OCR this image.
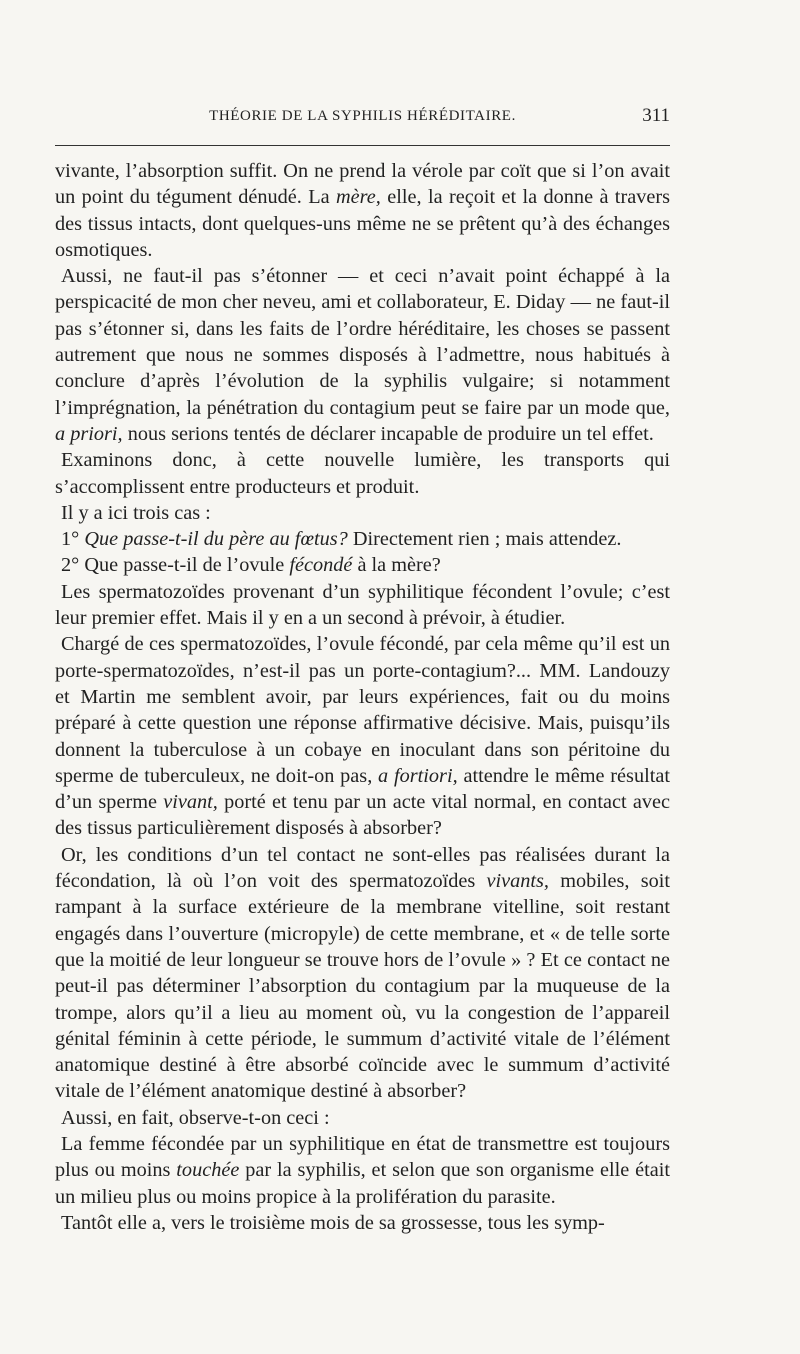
THÉORIE DE LA SYPHILIS HÉRÉDITAIRE.	311

vivante, l’absorption suffit. On ne prend la vérole par coït que si l’on avait un point du tégument dénudé. La mère, elle, la reçoit et la donne à travers des tissus intacts, dont quelques-uns même ne se prêtent qu’à des échanges osmotiques.

Aussi, ne faut-il pas s’étonner — et ceci n’avait point échappé à la perspicacité de mon cher neveu, ami et collaborateur, E. Diday — ne faut-il pas s’étonner si, dans les faits de l’ordre héréditaire, les choses se passent autrement que nous ne sommes disposés à l’admettre, nous habitués à conclure d’après l’évolution de la syphilis vulgaire; si notamment l’imprégnation, la pénétration du contagium peut se faire par un mode que, a priori, nous serions tentés de déclarer incapable de produire un tel effet.

Examinons donc, à cette nouvelle lumière, les transports qui s’accomplissent entre producteurs et produit.

Il y a ici trois cas :

1° Que passe-t-il du père au fœtus? Directement rien ; mais attendez.

2° Que passe-t-il de l’ovule fécondé à la mère?

Les spermatozoïdes provenant d’un syphilitique fécondent l’ovule; c’est leur premier effet. Mais il y en a un second à prévoir, à étudier.

Chargé de ces spermatozoïdes, l’ovule fécondé, par cela même qu’il est un porte-spermatozoïdes, n’est-il pas un porte-contagium?... MM. Landouzy et Martin me semblent avoir, par leurs expériences, fait ou du moins préparé à cette question une réponse affirmative décisive. Mais, puisqu’ils donnent la tuberculose à un cobaye en inoculant dans son péritoine du sperme de tuberculeux, ne doit-on pas, a fortiori, attendre le même résultat d’un sperme vivant, porté et tenu par un acte vital normal, en contact avec des tissus particulièrement disposés à absorber?

Or, les conditions d’un tel contact ne sont-elles pas réalisées durant la fécondation, là où l’on voit des spermatozoïdes vivants, mobiles, soit rampant à la surface extérieure de la membrane vitelline, soit restant engagés dans l’ouverture (micropyle) de cette membrane, et « de telle sorte que la moitié de leur longueur se trouve hors de l’ovule » ? Et ce contact ne peut-il pas déterminer l’absorption du contagium par la muqueuse de la trompe, alors qu’il a lieu au moment où, vu la congestion de l’appareil génital féminin à cette période, le summum d’activité vitale de l’élément anatomique destiné à être absorbé coïncide avec le summum d’activité vitale de l’élément anatomique destiné à absorber?

Aussi, en fait, observe-t-on ceci :

La femme fécondée par un syphilitique en état de transmettre est toujours plus ou moins touchée par la syphilis, et selon que son organisme elle était un milieu plus ou moins propice à la prolifération du parasite.

Tantôt elle a, vers le troisième mois de sa grossesse, tous les symp-
